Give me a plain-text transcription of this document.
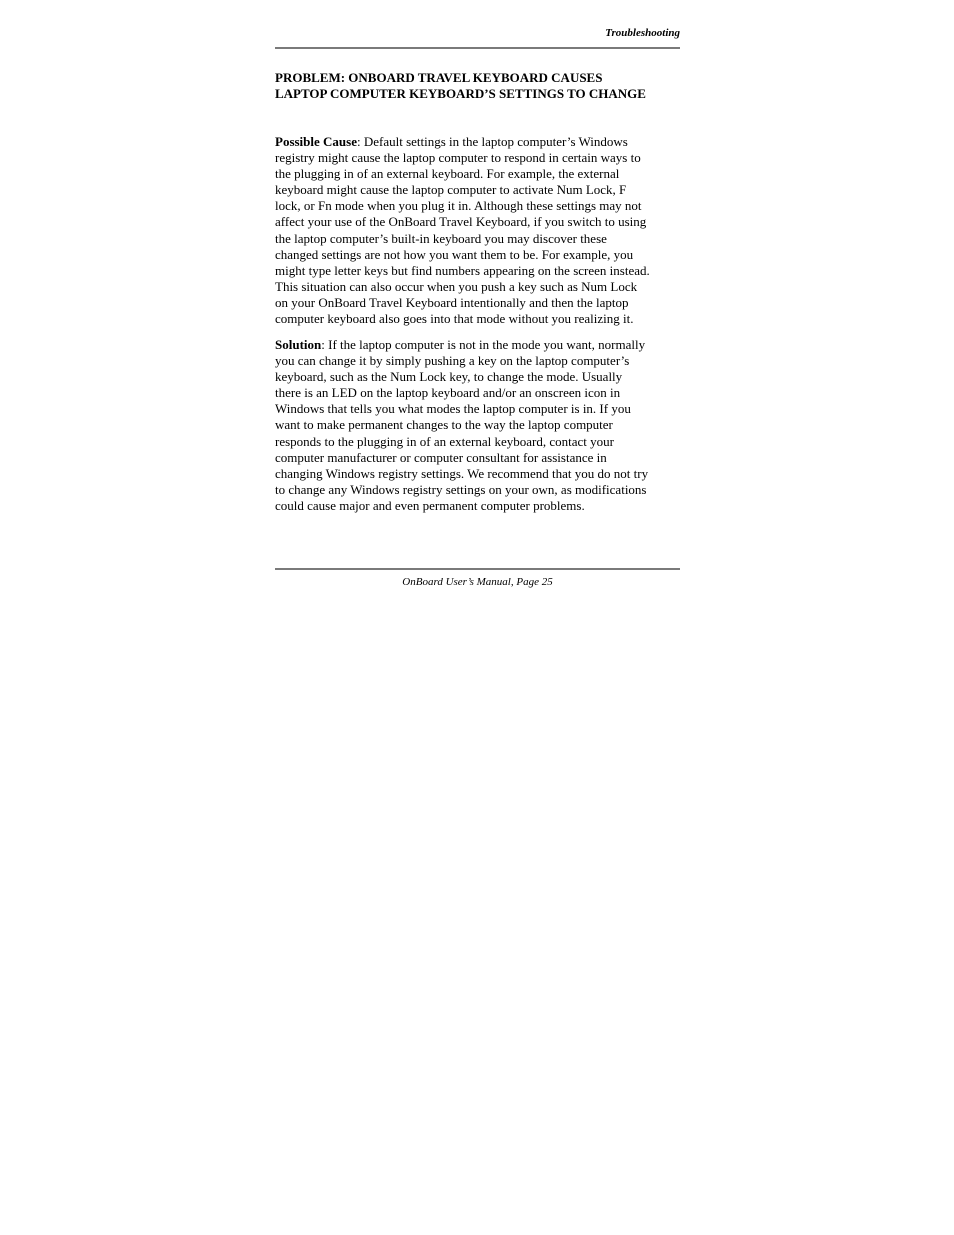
Troubleshooting
PROBLEM: ONBOARD TRAVEL KEYBOARD CAUSES
LAPTOP COMPUTER KEYBOARD’S SETTINGS TO CHANGE

Possible Cause: Default settings in the laptop computer’s Windows
registry might cause the laptop computer to respond in certain ways to
the plugging in of an external keyboard. For example, the external
keyboard might cause the laptop computer to activate Num Lock, F
lock, or Fn mode when you plug it in. Although these settings may not
affect your use of the OnBoard Travel Keyboard, if you switch to using
the laptop computer’s built-in keyboard you may discover these
changed settings are not how you want them to be. For example, you
might type letter keys but find numbers appearing on the screen instead.
This situation can also occur when you push a key such as Num Lock
on your OnBoard Travel Keyboard intentionally and then the laptop
computer keyboard also goes into that mode without you realizing it.

Solution: If the laptop computer is not in the mode you want, normally
you can change it by simply pushing a key on the laptop computer’s
keyboard, such as the Num Lock key, to change the mode. Usually
there is an LED on the laptop keyboard and/or an onscreen icon in
Windows that tells you what modes the laptop computer is in. If you
want to make permanent changes to the way the laptop computer
responds to the plugging in of an external keyboard, contact your
computer manufacturer or computer consultant for assistance in
changing Windows registry settings. We recommend that you do not try
to change any Windows registry settings on your own, as modifications
could cause major and even permanent computer problems.

OnBoard User’s Manual, Page 25
